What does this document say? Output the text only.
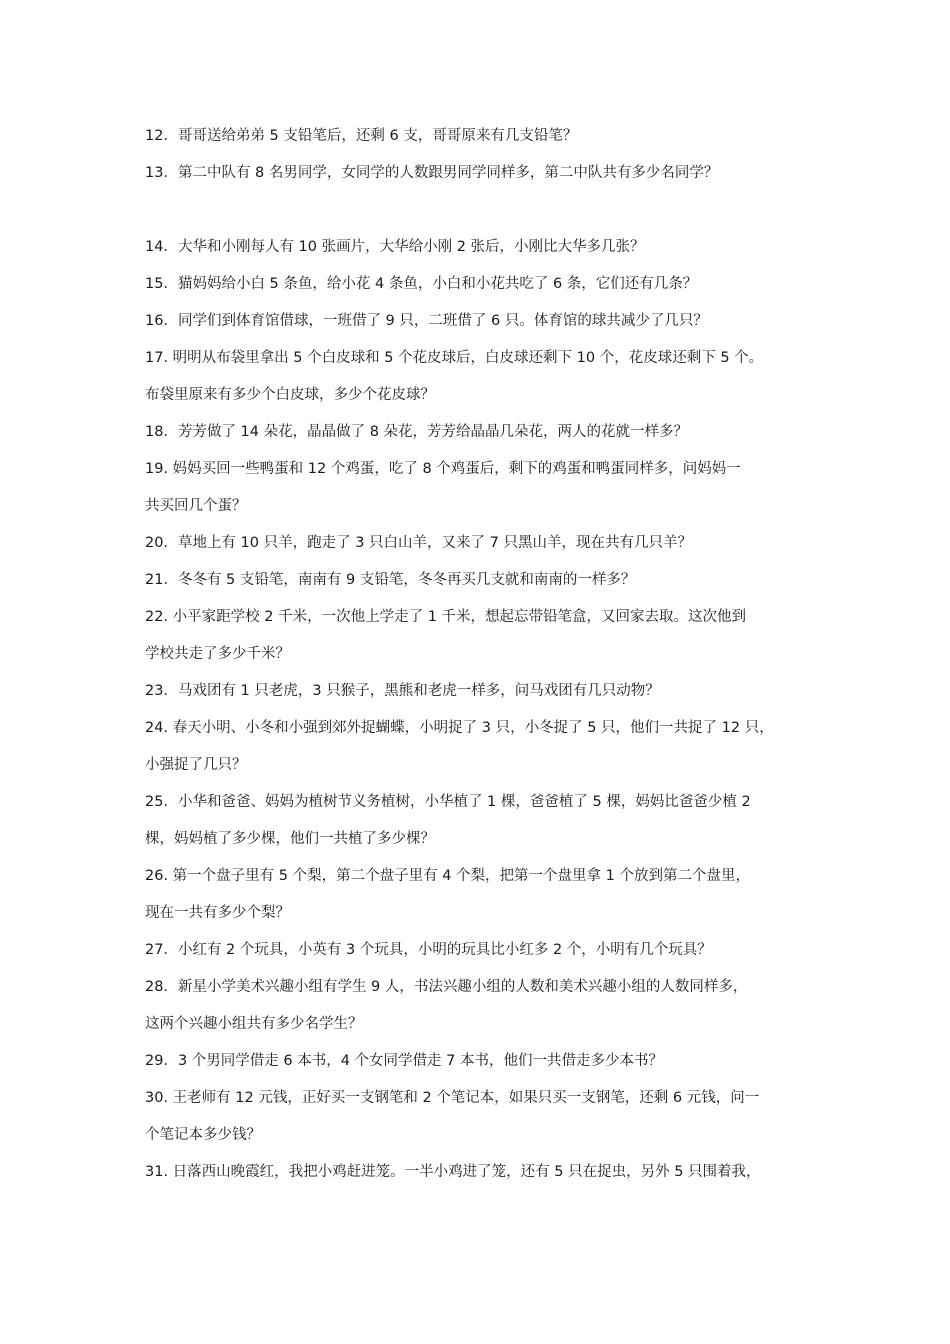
12．哥哥送给弟弟 5 支铅笔后，还剩 6 支，哥哥原来有几支铅笔？
13．第二中队有 8 名男同学，女同学的人数跟男同学同样多，第二中队共有多少名同学？
14．大华和小刚每人有 10 张画片，大华给小刚 2 张后，小刚比大华多几张？
15．猫妈妈给小白 5 条鱼，给小花 4 条鱼，小白和小花共吃了 6 条，它们还有几条？
16．同学们到体育馆借球，一班借了 9 只，二班借了 6 只。体育馆的球共减少了几只？
17. 明明从布袋里拿出 5 个白皮球和 5 个花皮球后，白皮球还剩下 10 个，花皮球还剩下 5 个。
布袋里原来有多少个白皮球，多少个花皮球？
18．芳芳做了 14 朵花，晶晶做了 8 朵花，芳芳给晶晶几朵花，两人的花就一样多？
19. 妈妈买回一些鸭蛋和 12 个鸡蛋，吃了 8 个鸡蛋后，剩下的鸡蛋和鸭蛋同样多，问妈妈一
共买回几个蛋？
20．草地上有 10 只羊，跑走了 3 只白山羊，又来了 7 只黑山羊，现在共有几只羊？
21．冬冬有 5 支铅笔，南南有 9 支铅笔，冬冬再买几支就和南南的一样多？
22. 小平家距学校 2 千米，一次他上学走了 1 千米，想起忘带铅笔盒，又回家去取。这次他到
学校共走了多少千米？
23．马戏团有 1 只老虎，3 只猴子，黑熊和老虎一样多，问马戏团有几只动物？
24. 春天小明、小冬和小强到郊外捉蝴蝶，小明捉了 3 只，小冬捉了 5 只，他们一共捉了 12 只，
小强捉了几只？
25．小华和爸爸、妈妈为植树节义务植树，小华植了 1 棵，爸爸植了 5 棵，妈妈比爸爸少植 2
棵，妈妈植了多少棵，他们一共植了多少棵？
26. 第一个盘子里有 5 个梨，第二个盘子里有 4 个梨，把第一个盘里拿 1 个放到第二个盘里，
现在一共有多少个梨？
27．小红有 2 个玩具，小英有 3 个玩具，小明的玩具比小红多 2 个，小明有几个玩具？
28．新星小学美术兴趣小组有学生 9 人，书法兴趣小组的人数和美术兴趣小组的人数同样多，
这两个兴趣小组共有多少名学生？
29．3 个男同学借走 6 本书，4 个女同学借走 7 本书，他们一共借走多少本书？
30. 王老师有 12 元钱，正好买一支钢笔和 2 个笔记本，如果只买一支钢笔，还剩 6 元钱，问一
个笔记本多少钱？
31. 日落西山晚霞红，我把小鸡赶进笼。一半小鸡进了笼，还有 5 只在捉虫，另外 5 只围着我，
